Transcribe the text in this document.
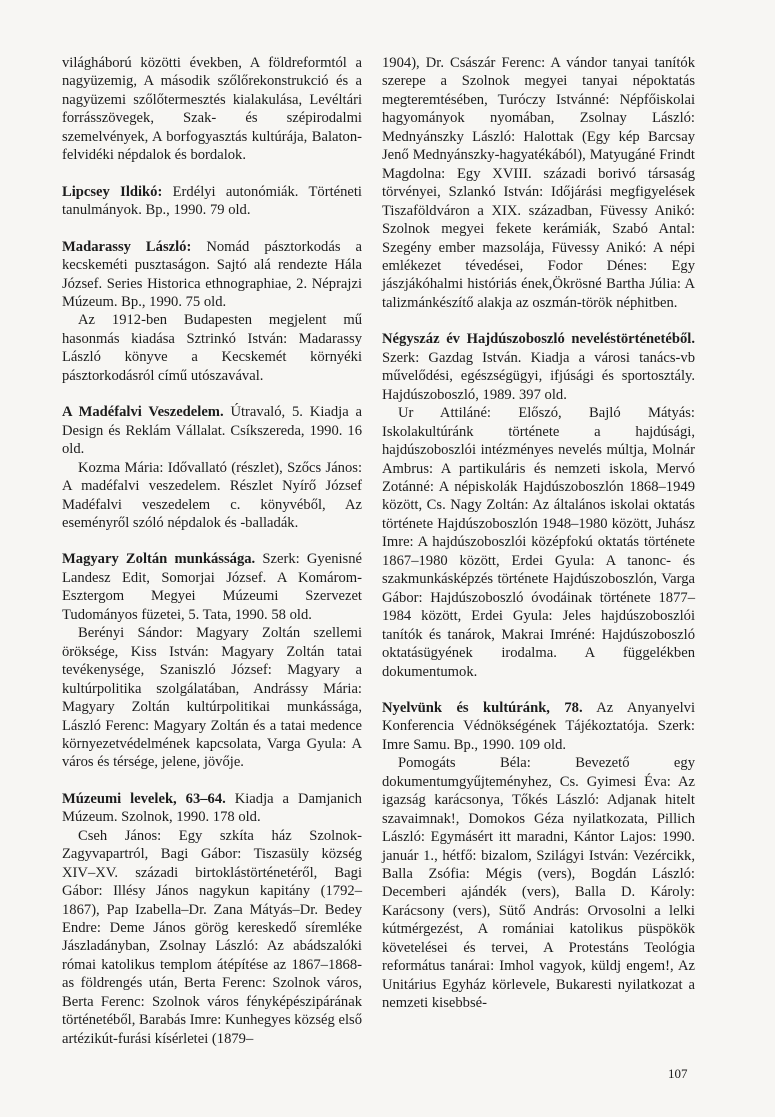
világháború közötti években, A földreformtól a nagyüzemig, A második szőlőrekonstrukció és a nagyüzemi szőlőtermesztés kialakulása, Levéltári forrásszövegek, Szak- és szépirodalmi szemelvények, A borfogyasztás kultúrája, Balaton-felvidéki népdalok és bordalok.

Lipcsey Ildikó: Erdélyi autonómiák. Történeti tanulmányok. Bp., 1990. 79 old.

Madarassy László: Nomád pásztorkodás a kecskeméti pusztaságon. Sajtó alá rendezte Hála József. Series Historica ethnographiae, 2. Néprajzi Múzeum. Bp., 1990. 75 old.

Az 1912-ben Budapesten megjelent mű hasonmás kiadása Sztrinkó István: Madarassy László könyve a Kecskemét környéki pásztorkodásról című utószavával.

A Madéfalvi Veszedelem. Útravaló, 5. Kiadja a Design és Reklám Vállalat. Csíkszereda, 1990. 16 old.

Kozma Mária: Idővallató (részlet), Szőcs János: A madéfalvi veszedelem. Részlet Nyírő József Madéfalvi veszedelem c. könyvéből, Az eseményről szóló népdalok és -balladák.

Magyary Zoltán munkássága. Szerk: Gyenisné Landesz Edit, Somorjai József. A Komárom-Esztergom Megyei Múzeumi Szervezet Tudományos füzetei, 5. Tata, 1990. 58 old.

Berényi Sándor: Magyary Zoltán szellemi öröksége, Kiss István: Magyary Zoltán tatai tevékenysége, Szaniszló József: Magyary a kultúrpolitika szolgálatában, Andrássy Mária: Magyary Zoltán kultúrpolitikai munkássága, László Ferenc: Magyary Zoltán és a tatai medence környezetvédelmének kapcsolata, Varga Gyula: A város és térsége, jelene, jövője.

Múzeumi levelek, 63–64. Kiadja a Damjanich Múzeum. Szolnok, 1990. 178 old.

Cseh János: Egy szkíta ház Szolnok-Zagyvapartról, Bagi Gábor: Tiszasüly község XIV–XV. századi birtoklástörténetéről, Bagi Gábor: Illésy János nagykun kapitány (1792–1867), Pap Izabella–Dr. Zana Mátyás–Dr. Bedey Endre: Deme János görög kereskedő síremléke Jászladányban, Zsolnay László: Az abádszalóki római katolikus templom átépítése az 1867–1868-as földrengés után, Berta Ferenc: Szolnok város, Berta Ferenc: Szolnok város fényképészipárának történetéből, Barabás Imre: Kunhegyes község első artézikút-furási kísérletei (1879–

1904), Dr. Császár Ferenc: A vándor tanyai tanítók szerepe a Szolnok megyei tanyai népoktatás megteremtésében, Turóczy Istvánné: Népfőiskolai hagyományok nyomában, Zsolnay László: Mednyánszky László: Halottak (Egy kép Barcsay Jenő Mednyánszky-hagyatékából), Matyugáné Frindt Magdolna: Egy XVIII. századi borivó társaság törvényei, Szlankó István: Időjárási megfigyelések Tiszaföldváron a XIX. században, Füvessy Anikó: Szolnok megyei fekete kerámiák, Szabó Antal: Szegény ember mazsolája, Füvessy Anikó: A népi emlékezet tévedései, Fodor Dénes: Egy jászjákóhalmi históriás ének,Ökrösné Bartha Júlia: A talizmánkészítő alakja az oszmán-török néphitben.

Négyszáz év Hajdúszoboszló neveléstörténetéből. Szerk: Gazdag István. Kiadja a városi tanács-vb művelődési, egészségügyi, ifjúsági és sportosztály. Hajdúszoboszló, 1989. 397 old.

Ur Attiláné: Előszó, Bajló Mátyás: Iskolakultúránk története a hajdúsági, hajdúszoboszlói intézményes nevelés múltja, Molnár Ambrus: A partikuláris és nemzeti iskola, Mervó Zotánné: A népiskolák Hajdúszoboszlón 1868–1949 között, Cs. Nagy Zoltán: Az általános iskolai oktatás története Hajdúszoboszlón 1948–1980 között, Juhász Imre: A hajdúszoboszlói középfokú oktatás története 1867–1980 között, Erdei Gyula: A tanonc- és szakmunkásképzés története Hajdúszoboszlón, Varga Gábor: Hajdúszoboszló óvodáinak története 1877–1984 között, Erdei Gyula: Jeles hajdúszoboszlói tanítók és tanárok, Makrai Imréné: Hajdúszoboszló oktatásügyének irodalma. A függelékben dokumentumok.

Nyelvünk és kultúránk, 78. Az Anyanyelvi Konferencia Védnökségének Tájékoztatója. Szerk: Imre Samu. Bp., 1990. 109 old.

Pomogáts Béla: Bevezető egy dokumentumgyűjteményhez, Cs. Gyimesi Éva: Az igazság karácsonya, Tőkés László: Adjanak hitelt szavaimnak!, Domokos Géza nyilatkozata, Pillich László: Egymásért itt maradni, Kántor Lajos: 1990. január 1., hétfő: bizalom, Szilágyi István: Vezércikk, Balla Zsófia: Mégis (vers), Bogdán László: Decemberi ajándék (vers), Balla D. Károly: Karácsony (vers), Sütő András: Orvosolni a lelki kútmérgezést, A romániai katolikus püspökök követelései és tervei, A Protestáns Teológia református tanárai: Imhol vagyok, küldj engem!, Az Unitárius Egyház körlevele, Bukaresti nyilatkozat a nemzeti kisebbsé-

107
